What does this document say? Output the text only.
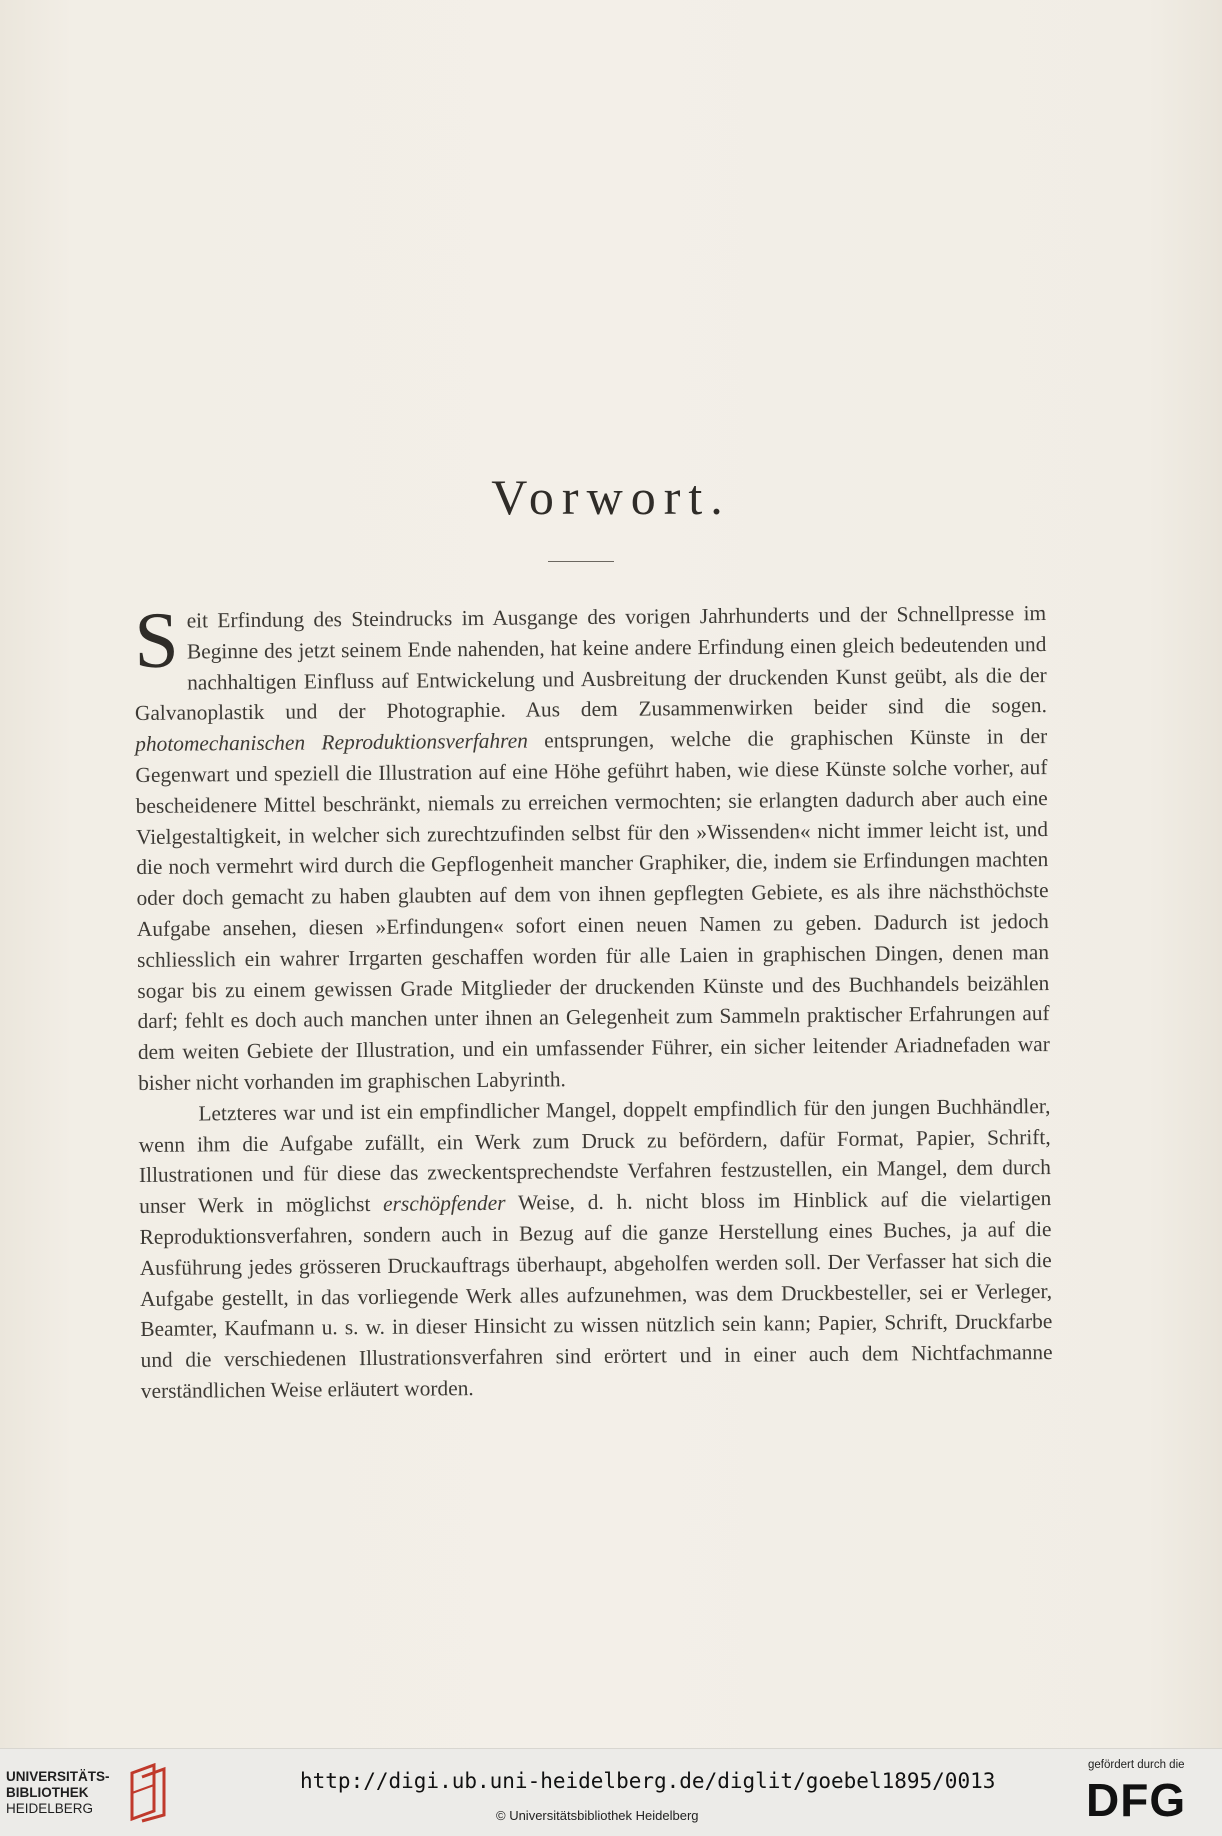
Vorwort.

Seit Erfindung des Steindrucks im Ausgange des vorigen Jahrhunderts und der Schnellpresse im Beginne des jetzt seinem Ende nahenden, hat keine andere Erfindung einen gleich bedeutenden und nachhaltigen Einfluss auf Entwickelung und Ausbreitung der druckenden Kunst geübt, als die der Galvanoplastik und der Photographie. Aus dem Zusammenwirken beider sind die sogen. photomechanischen Reproduktionsverfahren entsprungen, welche die graphischen Künste in der Gegenwart und speziell die Illustration auf eine Höhe geführt haben, wie diese Künste solche vorher, auf bescheidenere Mittel beschränkt, niemals zu erreichen vermochten; sie erlangten dadurch aber auch eine Vielgestaltigkeit, in welcher sich zurechtzufinden selbst für den »Wissenden« nicht immer leicht ist, und die noch vermehrt wird durch die Gepflogenheit mancher Graphiker, die, indem sie Erfindungen machten oder doch gemacht zu haben glaubten auf dem von ihnen gepflegten Gebiete, es als ihre nächsthöchste Aufgabe ansehen, diesen »Erfindungen« sofort einen neuen Namen zu geben. Dadurch ist jedoch schliesslich ein wahrer Irrgarten geschaffen worden für alle Laien in graphischen Dingen, denen man sogar bis zu einem gewissen Grade Mitglieder der druckenden Künste und des Buchhandels beizählen darf; fehlt es doch auch manchen unter ihnen an Gelegenheit zum Sammeln praktischer Erfahrungen auf dem weiten Gebiete der Illustration, und ein umfassender Führer, ein sicher leitender Ariadnefaden war bisher nicht vorhanden im graphischen Labyrinth.

Letzteres war und ist ein empfindlicher Mangel, doppelt empfindlich für den jungen Buchhändler, wenn ihm die Aufgabe zufällt, ein Werk zum Druck zu befördern, dafür Format, Papier, Schrift, Illustrationen und für diese das zweckentsprechendste Verfahren festzustellen, ein Mangel, dem durch unser Werk in möglichst erschöpfender Weise, d. h. nicht bloss im Hinblick auf die vielartigen Reproduktionsverfahren, sondern auch in Bezug auf die ganze Herstellung eines Buches, ja auf die Ausführung jedes grösseren Druckauftrags überhaupt, abgeholfen werden soll. Der Verfasser hat sich die Aufgabe gestellt, in das vorliegende Werk alles aufzunehmen, was dem Druckbesteller, sei er Verleger, Beamter, Kaufmann u. s. w. in dieser Hinsicht zu wissen nützlich sein kann; Papier, Schrift, Druckfarbe und die verschiedenen Illustrationsverfahren sind erörtert und in einer auch dem Nichtfachmanne verständlichen Weise erläutert worden.

UNIVERSITÄTS-
BIBLIOTHEK
HEIDELBERG
http://digi.ub.uni-heidelberg.de/diglit/goebel1895/0013
© Universitätsbibliothek Heidelberg
gefördert durch die
DFG
